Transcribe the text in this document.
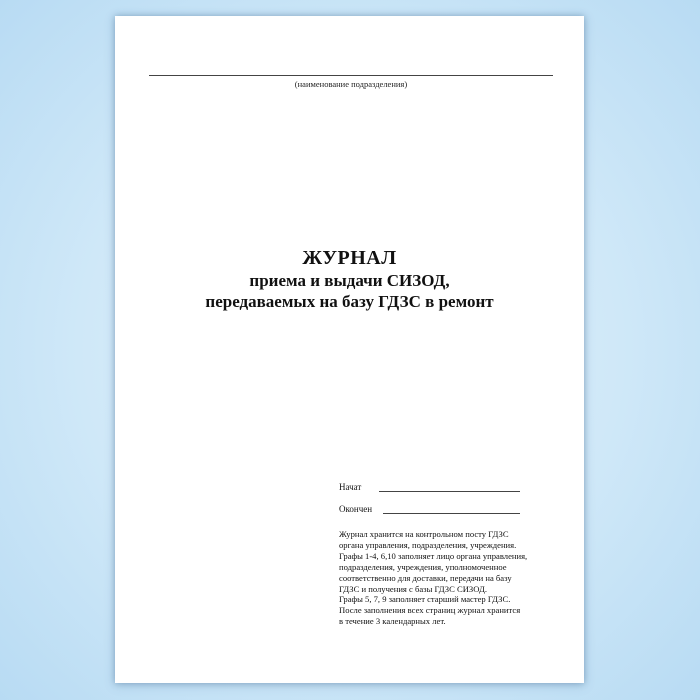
(наименование подразделения)
ЖУРНАЛ
приема и выдачи СИЗОД,
передаваемых на базу ГДЗС в ремонт
Начат
Окончен
Журнал хранится на контрольном посту ГДЗС
органа управления, подразделения, учреждения.
Графы 1-4, 6,10 заполняет лицо органа управления,
подразделения, учреждения, уполномоченное
соответственно для доставки, передачи на базу
ГДЗС и получения с базы ГДЗС СИЗОД.
Графы 5, 7, 9 заполняет старший мастер ГДЗС.
После заполнения всех страниц журнал хранится
в течение 3 календарных лет.
